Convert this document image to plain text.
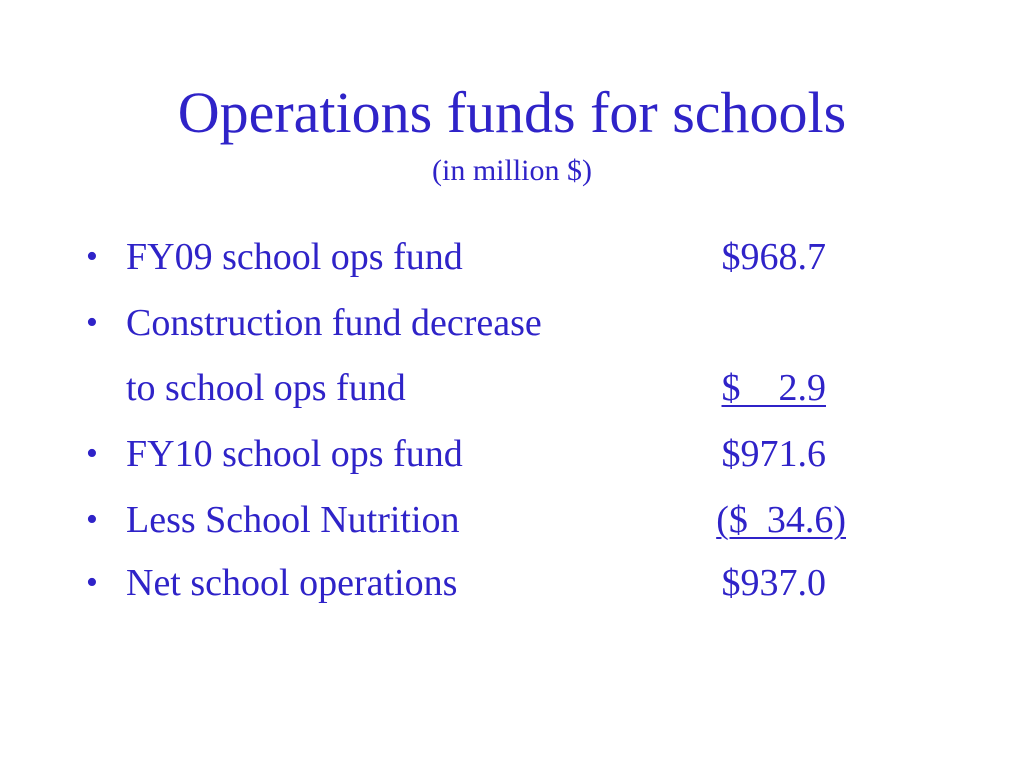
Operations funds for schools
(in million $)
• FY09 school ops fund	$968.7
• Construction fund decrease
to school ops fund	$    2.9
• FY10 school ops fund	$971.6
• Less School Nutrition	($  34.6)
• Net school operations	$937.0
